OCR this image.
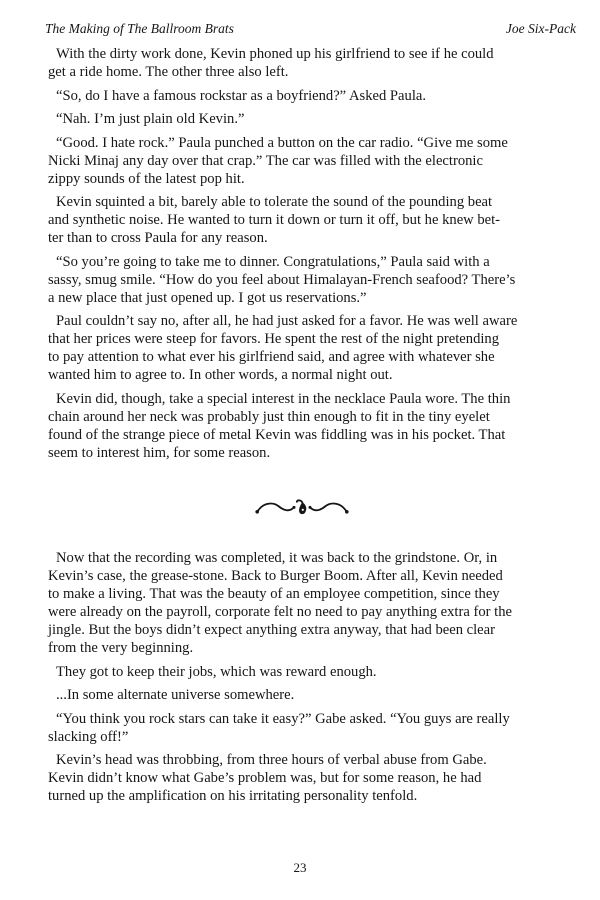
The Making of The Ballroom Brats	Joe Six-Pack

With the dirty work done, Kevin phoned up his girlfriend to see if he could
get a ride home. The other three also left.

“So, do I have a famous rockstar as a boyfriend?” Asked Paula.

“Nah. I’m just plain old Kevin.”

“Good. I hate rock.” Paula punched a button on the car radio. “Give me some
Nicki Minaj any day over that crap.” The car was filled with the electronic
zippy sounds of the latest pop hit.

Kevin squinted a bit, barely able to tolerate the sound of the pounding beat
and synthetic noise. He wanted to turn it down or turn it off, but he knew bet-
ter than to cross Paula for any reason.

“So you’re going to take me to dinner. Congratulations,” Paula said with a
sassy, smug smile. “How do you feel about Himalayan-French seafood? There’s
a new place that just opened up. I got us reservations.”

Paul couldn’t say no, after all, he had just asked for a favor. He was well aware
that her prices were steep for favors. He spent the rest of the night pretending
to pay attention to what ever his girlfriend said, and agree with whatever she
wanted him to agree to. In other words, a normal night out.

Kevin did, though, take a special interest in the necklace Paula wore. The thin
chain around her neck was probably just thin enough to fit in the tiny eyelet
found of the strange piece of metal Kevin was fiddling was in his pocket. That
seem to interest him, for some reason.

Now that the recording was completed, it was back to the grindstone. Or, in
Kevin’s case, the grease-stone. Back to Burger Boom. After all, Kevin needed
to make a living. That was the beauty of an employee competition, since they
were already on the payroll, corporate felt no need to pay anything extra for the
jingle. But the boys didn’t expect anything extra anyway, that had been clear
from the very beginning.

They got to keep their jobs, which was reward enough.

...In some alternate universe somewhere.

“You think you rock stars can take it easy?” Gabe asked. “You guys are really
slacking off!”

Kevin’s head was throbbing, from three hours of verbal abuse from Gabe.
Kevin didn’t know what Gabe’s problem was, but for some reason, he had
turned up the amplification on his irritating personality tenfold.

23
